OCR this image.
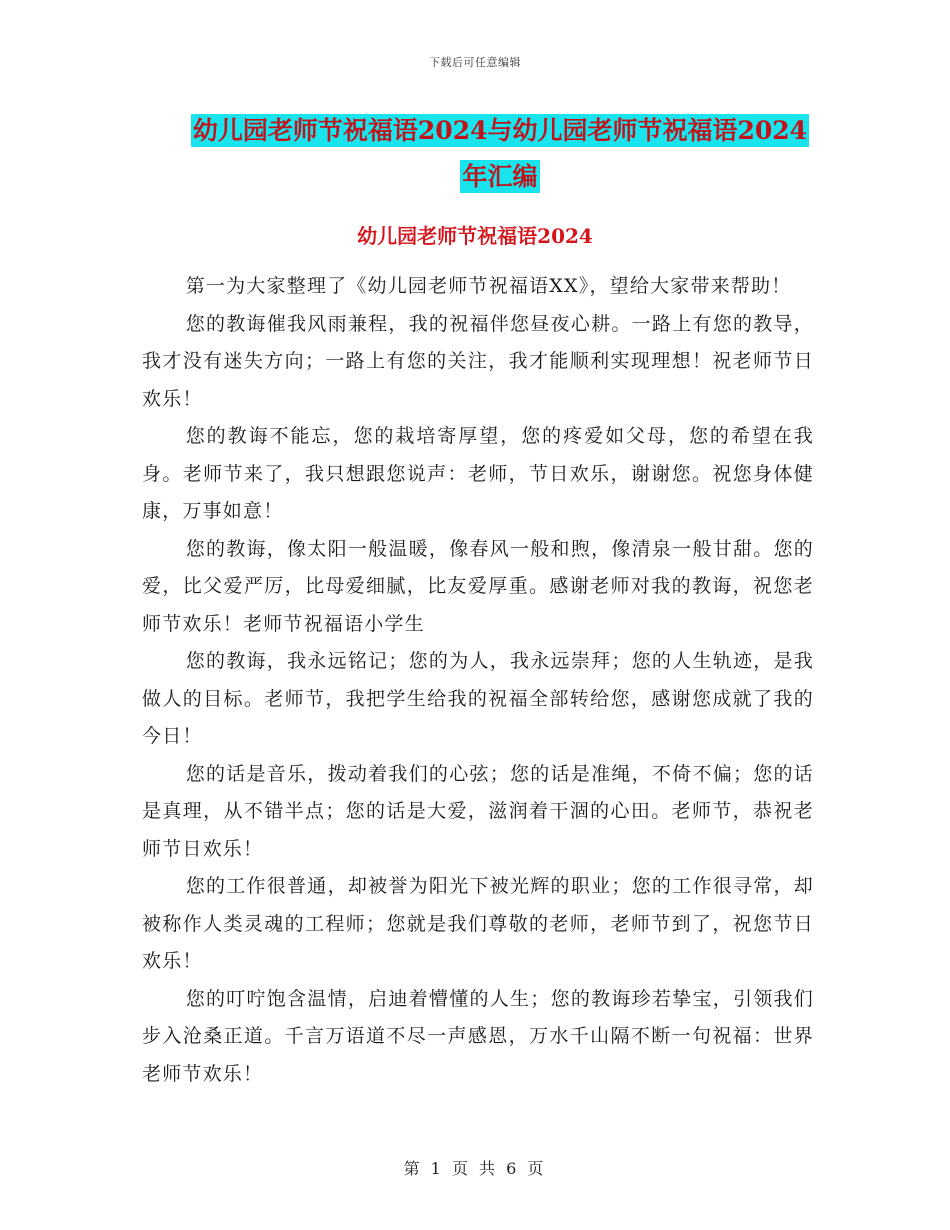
下载后可任意编辑
幼儿园老师节祝福语2024与幼儿园老师节祝福语2024
年汇编
幼儿园老师节祝福语2024

第一为大家整理了《幼儿园老师节祝福语XX》，望给大家带来帮助！

您的教诲催我风雨兼程，我的祝福伴您昼夜心耕。一路上有您的教导，我才没有迷失方向；一路上有您的关注，我才能顺利实现理想！祝老师节日欢乐！

您的教诲不能忘，您的栽培寄厚望，您的疼爱如父母，您的希望在我身。老师节来了，我只想跟您说声：老师，节日欢乐，谢谢您。祝您身体健康，万事如意！

您的教诲，像太阳一般温暖，像春风一般和煦，像清泉一般甘甜。您的爱，比父爱严厉，比母爱细腻，比友爱厚重。感谢老师对我的教诲，祝您老师节欢乐！老师节祝福语小学生

您的教诲，我永远铭记；您的为人，我永远崇拜；您的人生轨迹，是我做人的目标。老师节，我把学生给我的祝福全部转给您，感谢您成就了我的今日！

您的话是音乐，拨动着我们的心弦；您的话是准绳，不倚不偏；您的话是真理，从不错半点；您的话是大爱，滋润着干涸的心田。老师节，恭祝老师节日欢乐！

您的工作很普通，却被誉为阳光下被光辉的职业；您的工作很寻常，却被称作人类灵魂的工程师；您就是我们尊敬的老师，老师节到了，祝您节日欢乐！

您的叮咛饱含温情，启迪着懵懂的人生；您的教诲珍若挚宝，引领我们步入沧桑正道。千言万语道不尽一声感恩，万水千山隔不断一句祝福：世界老师节欢乐！

第 1 页 共 6 页
